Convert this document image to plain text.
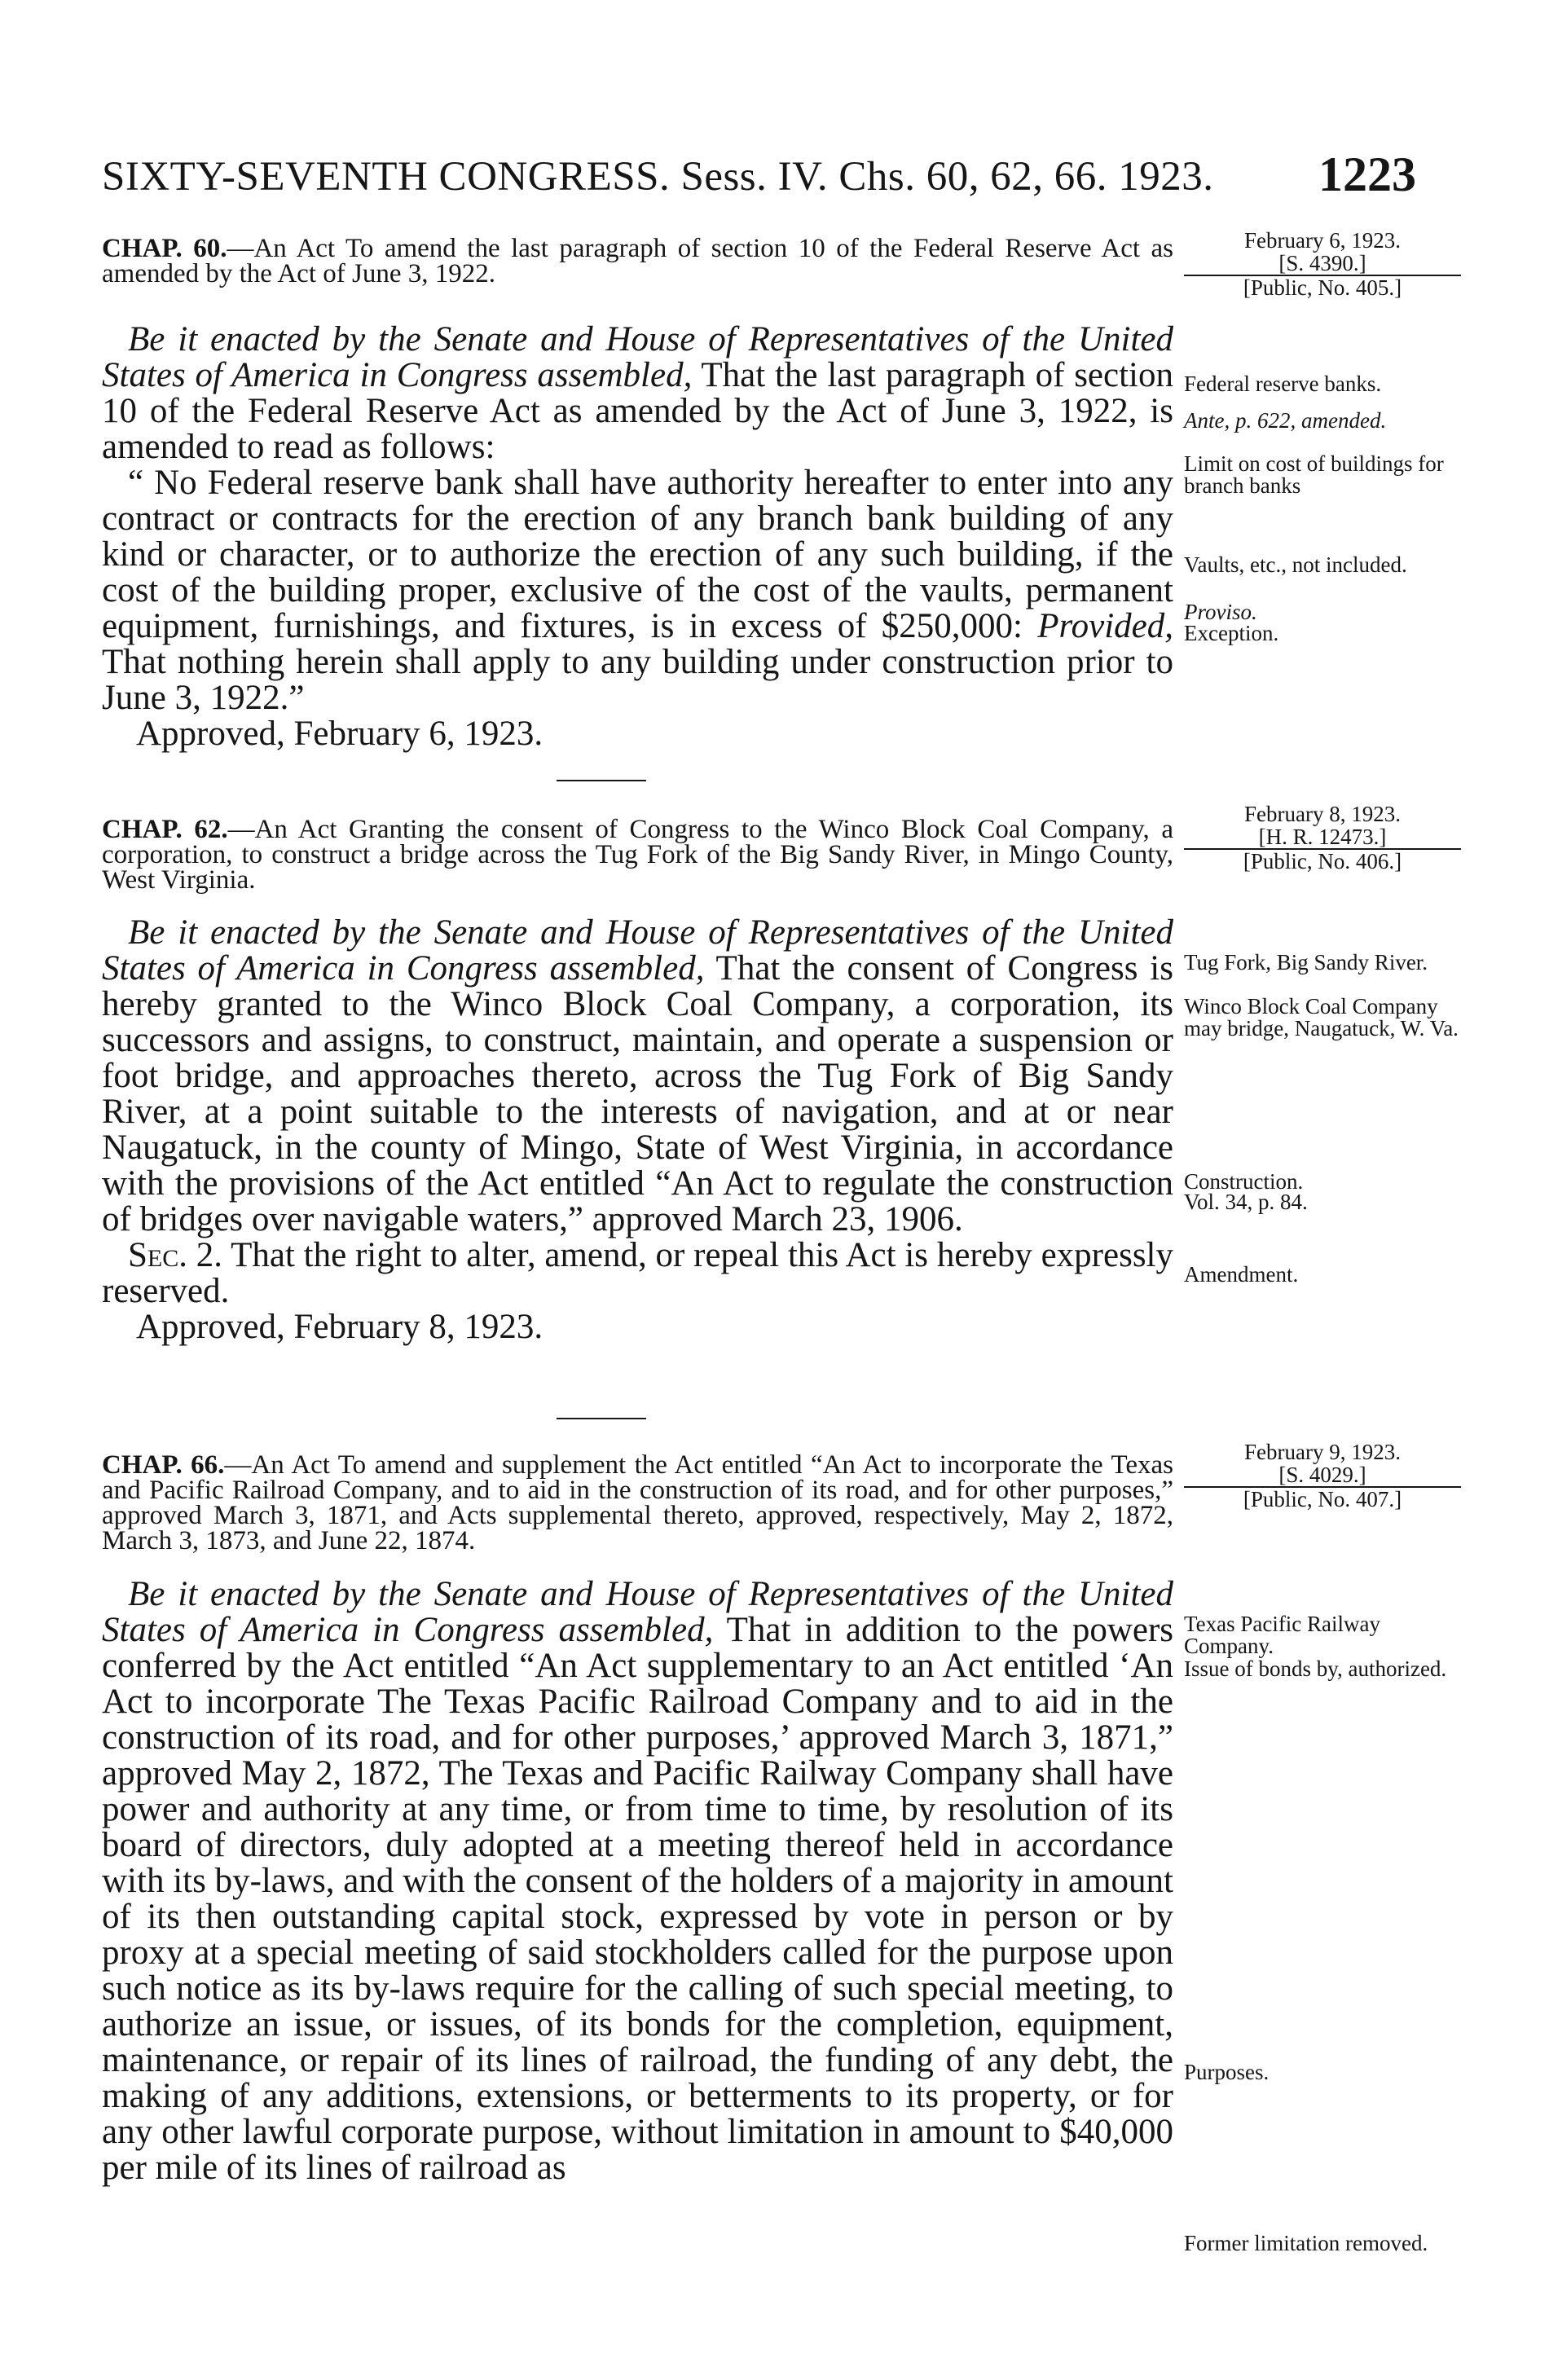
SIXTY-SEVENTH CONGRESS. Sess. IV. Chs. 60, 62, 66. 1923. 1223
February 6, 1923.
[S. 4390.]
[Public, No. 405.]
CHAP. 60.—An Act To amend the last paragraph of section 10 of the Federal Reserve Act as amended by the Act of June 3, 1922.

Be it enacted by the Senate and House of Representatives of the United States of America in Congress assembled, That the last paragraph of section 10 of the Federal Reserve Act as amended by the Act of June 3, 1922, is amended to read as follows:

“ No Federal reserve bank shall have authority hereafter to enter into any contract or contracts for the erection of any branch bank building of any kind or character, or to authorize the erection of any such building, if the cost of the building proper, exclusive of the cost of the vaults, permanent equipment, furnishings, and fixtures, is in excess of $250,000: Provided, That nothing herein shall apply to any building under construction prior to June 3, 1922.”

Approved, February 6, 1923.

Federal reserve banks.
Ante, p. 622, amended.
Limit on cost of buildings for branch banks
Vaults, etc., not included.
Proviso.
Exception.
February 8, 1923.
[H. R. 12473.]
[Public, No. 406.]
CHAP. 62.—An Act Granting the consent of Congress to the Winco Block Coal Company, a corporation, to construct a bridge across the Tug Fork of the Big Sandy River, in Mingo County, West Virginia.

Be it enacted by the Senate and House of Representatives of the United States of America in Congress assembled, That the consent of Congress is hereby granted to the Winco Block Coal Company, a corporation, its successors and assigns, to construct, maintain, and operate a suspension or foot bridge, and approaches thereto, across the Tug Fork of Big Sandy River, at a point suitable to the interests of navigation, and at or near Naugatuck, in the county of Mingo, State of West Virginia, in accordance with the provisions of the Act entitled “An Act to regulate the construction of bridges over navigable waters,” approved March 23, 1906.

Sec. 2. That the right to alter, amend, or repeal this Act is hereby expressly reserved.

Approved, February 8, 1923.

Tug Fork, Big Sandy River.
Winco Block Coal Company may bridge, Naugatuck, W. Va.
Construction.
Vol. 34, p. 84.
Amendment.
February 9, 1923.
[S. 4029.]
[Public, No. 407.]
CHAP. 66.—An Act To amend and supplement the Act entitled “An Act to incorporate the Texas and Pacific Railroad Company, and to aid in the construction of its road, and for other purposes,” approved March 3, 1871, and Acts supplemental thereto, approved, respectively, May 2, 1872, March 3, 1873, and June 22, 1874.

Be it enacted by the Senate and House of Representatives of the United States of America in Congress assembled, That in addition to the powers conferred by the Act entitled “An Act supplementary to an Act entitled ‘An Act to incorporate The Texas Pacific Railroad Company and to aid in the construction of its road, and for other purposes,’ approved March 3, 1871,” approved May 2, 1872, The Texas and Pacific Railway Company shall have power and authority at any time, or from time to time, by resolution of its board of directors, duly adopted at a meeting thereof held in accordance with its by-laws, and with the consent of the holders of a majority in amount of its then outstanding capital stock, expressed by vote in person or by proxy at a special meeting of said stockholders called for the purpose upon such notice as its by-laws require for the calling of such special meeting, to authorize an issue, or issues, of its bonds for the completion, equipment, maintenance, or repair of its lines of railroad, the funding of any debt, the making of any additions, extensions, or betterments to its property, or for any other lawful corporate purpose, without limitation in amount to $40,000 per mile of its lines of railroad as

Texas Pacific Railway Company.
Issue of bonds by, authorized.
Purposes.
Former limitation removed.
